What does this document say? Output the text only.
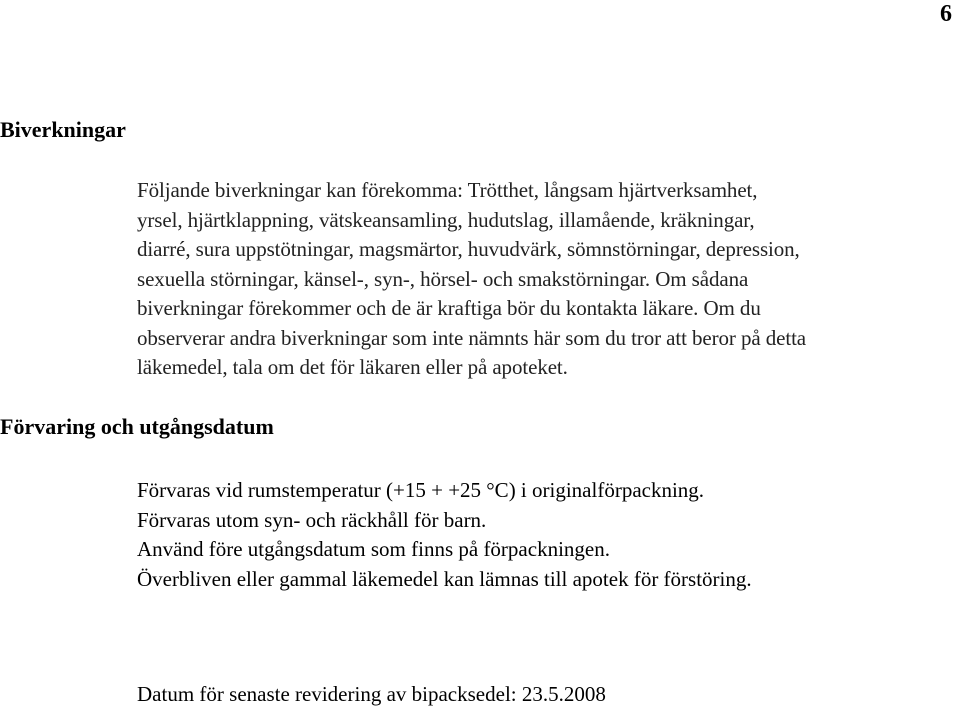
6
Biverkningar
Följande biverkningar kan förekomma: Trötthet, långsam hjärtverksamhet,
yrsel, hjärtklappning, vätskeansamling, hudutslag, illamående, kräkningar,
diarré, sura uppstötningar, magsmärtor, huvudvärk, sömnstörningar, depression,
sexuella störningar, känsel-, syn-, hörsel- och smakstörningar. Om sådana
biverkningar förekommer och de är kraftiga bör du kontakta läkare. Om du
observerar andra biverkningar som inte nämnts här som du tror att beror på detta
läkemedel, tala om det för läkaren eller på apoteket.
Förvaring och utgångsdatum
Förvaras vid rumstemperatur (+15 + +25 °C) i originalförpackning.
Förvaras utom syn- och räckhåll för barn.
Använd före utgångsdatum som finns på förpackningen.
Överbliven eller gammal läkemedel kan lämnas till apotek för förstöring.

Datum för senaste revidering av bipacksedel: 23.5.2008
